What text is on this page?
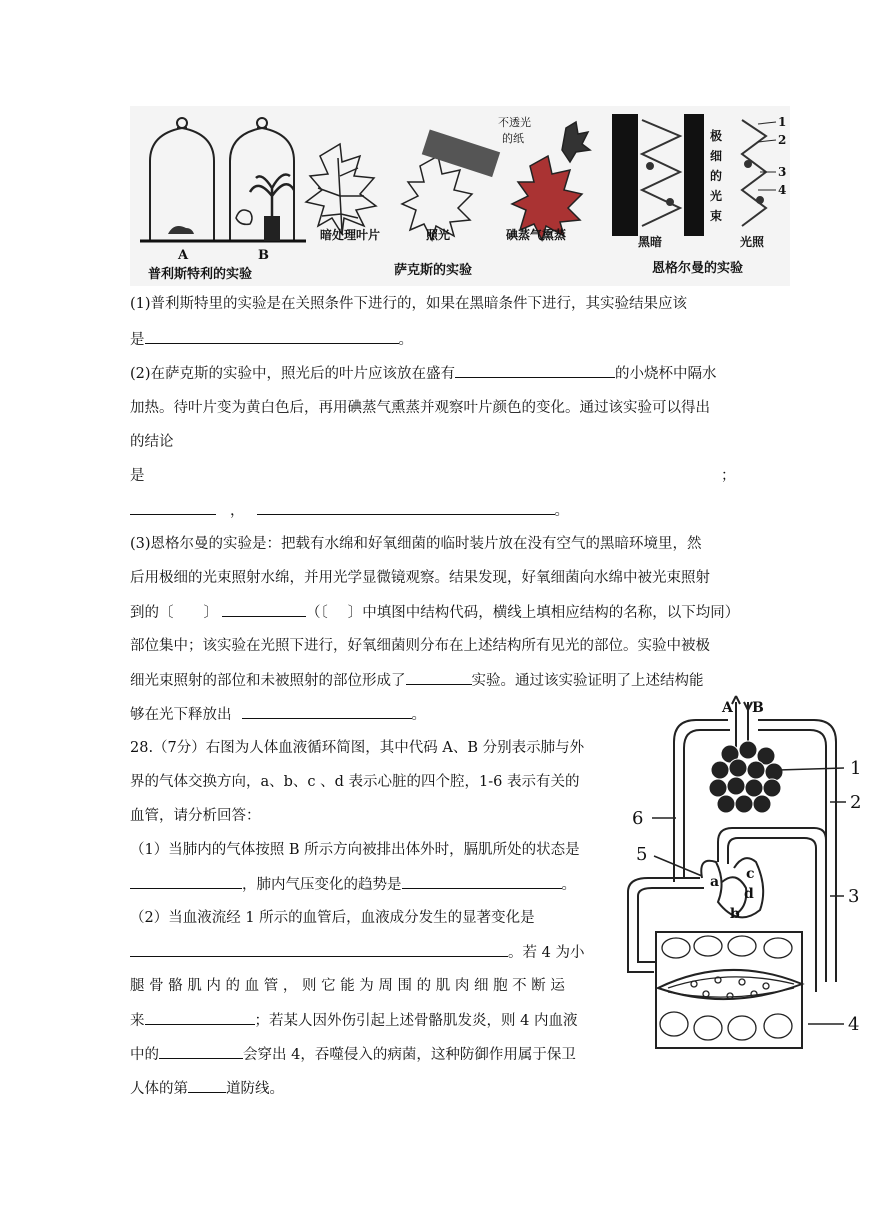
A	B
普利斯特利的实验
暗处理叶片
不透光
的纸
照光	碘蒸气熏蒸
萨克斯的实验
极
细
的
光
束
黑暗
1
2
3
4
光照
恩格尔曼的实验
(1)普利斯特里的实验是在关照条件下进行的，如果在黑暗条件下进行，其实验结果应该
是	。
(2)在萨克斯的实验中，照光后的叶片应该放在盛有	的小烧杯中隔水
加热。待叶片变为黄白色后，再用碘蒸气熏蒸并观察叶片颜色的变化。通过该实验可以得出
的结论
是	；
，	。
(3)恩格尔曼的实验是：把载有水绵和好氧细菌的临时装片放在没有空气的黑暗环境里，然
后用极细的光束照射水绵，并用光学显微镜观察。结果发现，好氧细菌向水绵中被光束照射
到的〔 〕	（〔 〕中填图中结构代码，横线上填相应结构的名称，以下均同）
部位集中；该实验在光照下进行，好氧细菌则分布在上述结构所有见光的部位。实验中被极
细光束照射的部位和未被照射的部位形成了	实验。通过该实验证明了上述结构能
够在光下释放出	。
28.（7分）右图为人体血液循环简图，其中代码 A、B 分别表示肺与外
界的气体交换方向，a、b、c 、d 表示心脏的四个腔，1-6 表示有关的
血管，请分析回答：
（1）当肺内的气体按照 B 所示方向被排出体外时，膈肌所处的状态是
，肺内气压变化的趋势是	。
（2）当血液流经 1 所示的血管后，血液成分发生的显著变化是
。若 4 为小
腿 骨 骼 肌 内 的 血 管 ， 则 它 能 为 周 围 的 肌 肉 细 胞 不 断 运
来	；若某人因外伤引起上述骨骼肌发炎，则 4 内血液
中的	会穿出 4，吞噬侵入的病菌，这种防御作用属于保卫
人体的第	道防线。
A B
1
2
3
4
6
5
a
b
c
d
